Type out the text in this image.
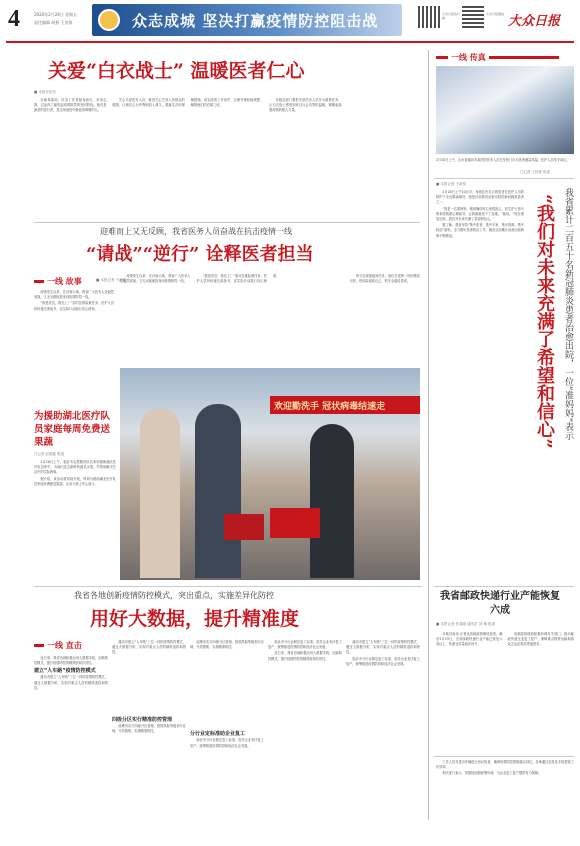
4	2020年2月24日 星期五
责任编辑 胡燕 王伯群	众志成城 坚决打赢疫情防控阻击战	大众日报客户端
大众日报微信 大众日报
关爱“白衣战士” 温暖医者仁心
■ 本报评论员

在病毒面前，医务工作者挺身而出、舍身忘我，以血肉之躯筑起疫情防控的坚固防线。他们是最美的逆行者，是这场战役中最值得尊敬的人。

关心关爱医务人员，就是关心关爱人民群众的健康，让他们心无旁骛地投入战斗。要落实各项保障措施，切实改善工作条件，合理安排轮换休整，解除他们的后顾之忧。

各级各部门要把关爱医务人员作为重要任务，让白衣战士感受到来自社会各界的温暖，凝聚起战胜疫情的强大力量。

一线 传真
2月20日上午，山东省潍坊市某医院医务人员在发热门诊为患者测量体温，医护人员坚守岗位。
□记者 王桂林 报道
■ 本报记者 于新悦

2月20日上午10点半，身着红色毛衣的患者在医护人员的陪护下走出隔离病房，她是目前我省治愈出院的新冠肺炎患者之一。

“我是一名准妈妈，刚被确诊时心里很担心，医生护士每天都来给我做心理疏导，让我渐渐放下了包袱。”她说，“现在康复出院，我们对未来充满了希望和信心。”

据了解，我省坚持“集中患者、集中专家、集中资源、集中救治”原则，全力做好患者救治工作，截至目前累计治愈出院病例不断增加。	“我们对未来充满了希望和信心” 我省累计二百五十名新冠肺炎患者治愈出院，一位“准妈妈”表示
迎难而上又无反顾，我省医务人员奋战在抗击疫情一线
“请战”“逆行” 诠释医者担当
一线 故事	■ 本报记者 于新悦

疫情发生以来，在济南大地，我省广大医务人员毅然请战，义无反顾地投身到疫情防控一线。

“我是党员，我先上！”面对急难险重任务，医护人员纷纷递交请战书，以实际行动践行初心使命。

疫情发生以来，在济南大地，我省广大医务人员毅然请战，义无反顾地投身到疫情防控一线。

“我是党员，我先上！”面对急难险重任务，医护人员纷纷递交请战书，以实际行动践行初心使命。	每当在深夜接到任务，他们总是第一时间集结出发，把危险留给自己，把安全留给患者。

为援助湖北医疗队员家庭每周免费送果蔬
□记者 赵德鑫 报道

2月18日上午，临沂市志愿服务队员来到援助湖北医疗队员家中，为他们送去新鲜的蔬菜水果，并帮助解决生活中的实际困难。

据介绍，该活动将持续开展，每周为援助湖北医疗队员家庭免费配送果蔬，让前方战士安心战斗。

欢迎勤洗手 冠状病毒结速走
我省各地创新疫情防控模式，突出重点，实施差异化防控
用好大数据，提升精准度
一线 直击

连日来，我省各地积极运用大数据手段，创新防控模式，提升疫情防控的精准度和有效性。

建立“人车路”疫情防控模式

潍坊市建立“人车路”三位一体的疫情防控模式，通过大数据分析，实现对重点人员的精准追踪和管控。

潍坊市建立“人车路”三位一体的疫情防控模式，通过大数据分析，实现对重点人员的精准追踪和管控。

四级分区实行精准防控管理

淄博市实行四级分区管理，按照风险等级划分区域，分类施策，实施精准防控。

淄博市实行四级分区管理，按照风险等级划分区域，分类施策，实施精准防控。

分行业定标准助企业复工

临沂市分行业制定复工标准，指导企业有序复工复产，统筹推进疫情防控和经济社会发展。

临沂市分行业制定复工标准，指导企业有序复工复产，统筹推进疫情防控和经济社会发展。

连日来，我省各地积极运用大数据手段，创新防控模式，提升疫情防控的精准度和有效性。

潍坊市建立“人车路”三位一体的疫情防控模式，通过大数据分析，实现对重点人员的精准追踪和管控。

临沂市分行业制定复工标准，指导企业有序复工复产，统筹推进疫情防控和经济社会发展。

我省邮政快递行业产能恢复六成
■ 本报记者 张春晓 通讯员 刘 琳 报道

本报济南讯 记者从省邮政管理局获悉，截至2月23日，全省邮政快递行业产能已恢复六成以上，快递业务量稳步回升。

省邮政管理局积极协调有关部门，推动邮政快递企业复工复产，保障重点物资运输和群众生活必需品寄递需求。

工作人员对进出车辆进行登记检查，确保疫情防控措施落实到位。各地通过信息化手段提高工作效率。

相关部门表示，将继续加强统筹协调，为企业复工复产提供有力保障。
